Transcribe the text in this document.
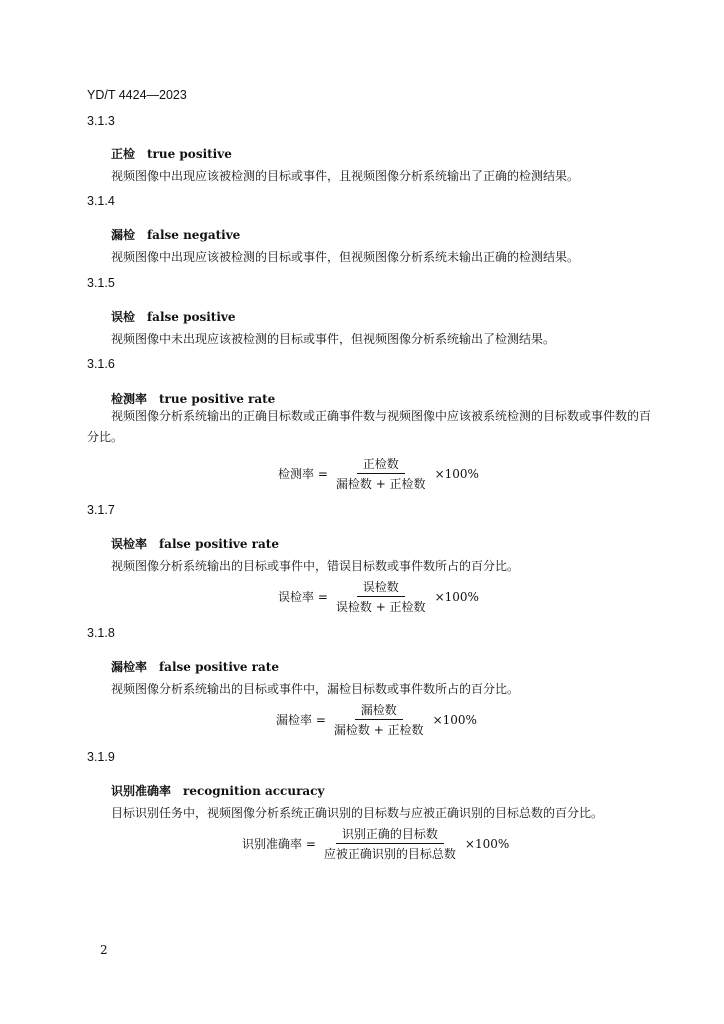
YD/T 4424—2023
3.1.3
正检 true positive
视频图像中出现应该被检测的目标或事件，且视频图像分析系统输出了正确的检测结果。
3.1.4
漏检 false negative
视频图像中出现应该被检测的目标或事件，但视频图像分析系统未输出正确的检测结果。
3.1.5
误检 false positive
视频图像中未出现应该被检测的目标或事件，但视频图像分析系统输出了检测结果。
3.1.6
检测率 true positive rate
视频图像分析系统输出的正确目标数或正确事件数与视频图像中应该被系统检测的目标数或事件数的百分比。
检测率 = $\frac{\text{正检数}}{\text{漏检数 + 正检数}} \times 100\%$
3.1.7
误检率 false positive rate
视频图像分析系统输出的目标或事件中，错误目标数或事件数所占的百分比。
误检率 = $\frac{\text{误检数}}{\text{误检数 + 正检数}} \times 100\%$
3.1.8
漏检率 false positive rate
视频图像分析系统输出的目标或事件中，漏检目标数或事件数所占的百分比。
漏检率 = $\frac{\text{漏检数}}{\text{漏检数 + 正检数}} \times 100\%$
3.1.9
识别准确率 recognition accuracy
目标识别任务中，视频图像分析系统正确识别的目标数与应被正确识别的目标总数的百分比。
识别准确率 = $\frac{\text{识别正确的目标数}}{\text{应被正确识别的目标总数}} \times 100\%$
2
